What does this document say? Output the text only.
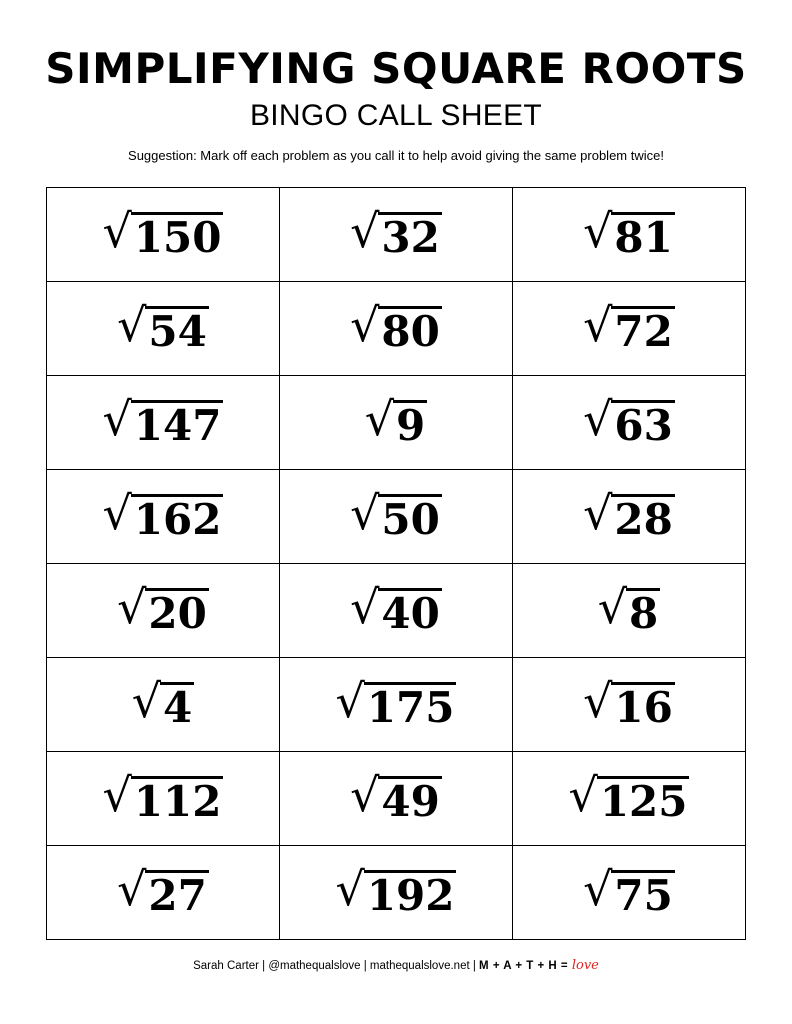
SIMPLIFYING SQUARE ROOTS
BINGO CALL SHEET
Suggestion: Mark off each problem as you call it to help avoid giving the same problem twice!
√ 150	√ 32	√ 81

√ 54	√ 80	√ 72

√ 147	√ 9	√ 63

√ 162	√ 50	√ 28

√ 20	√ 40	√ 8

√ 4	√ 175	√ 16

√ 112	√ 49	√ 125

√ 27	√ 192	√ 75
Sarah Carter | @mathequalslove | mathequalslove.net | M + A + T + H = love
